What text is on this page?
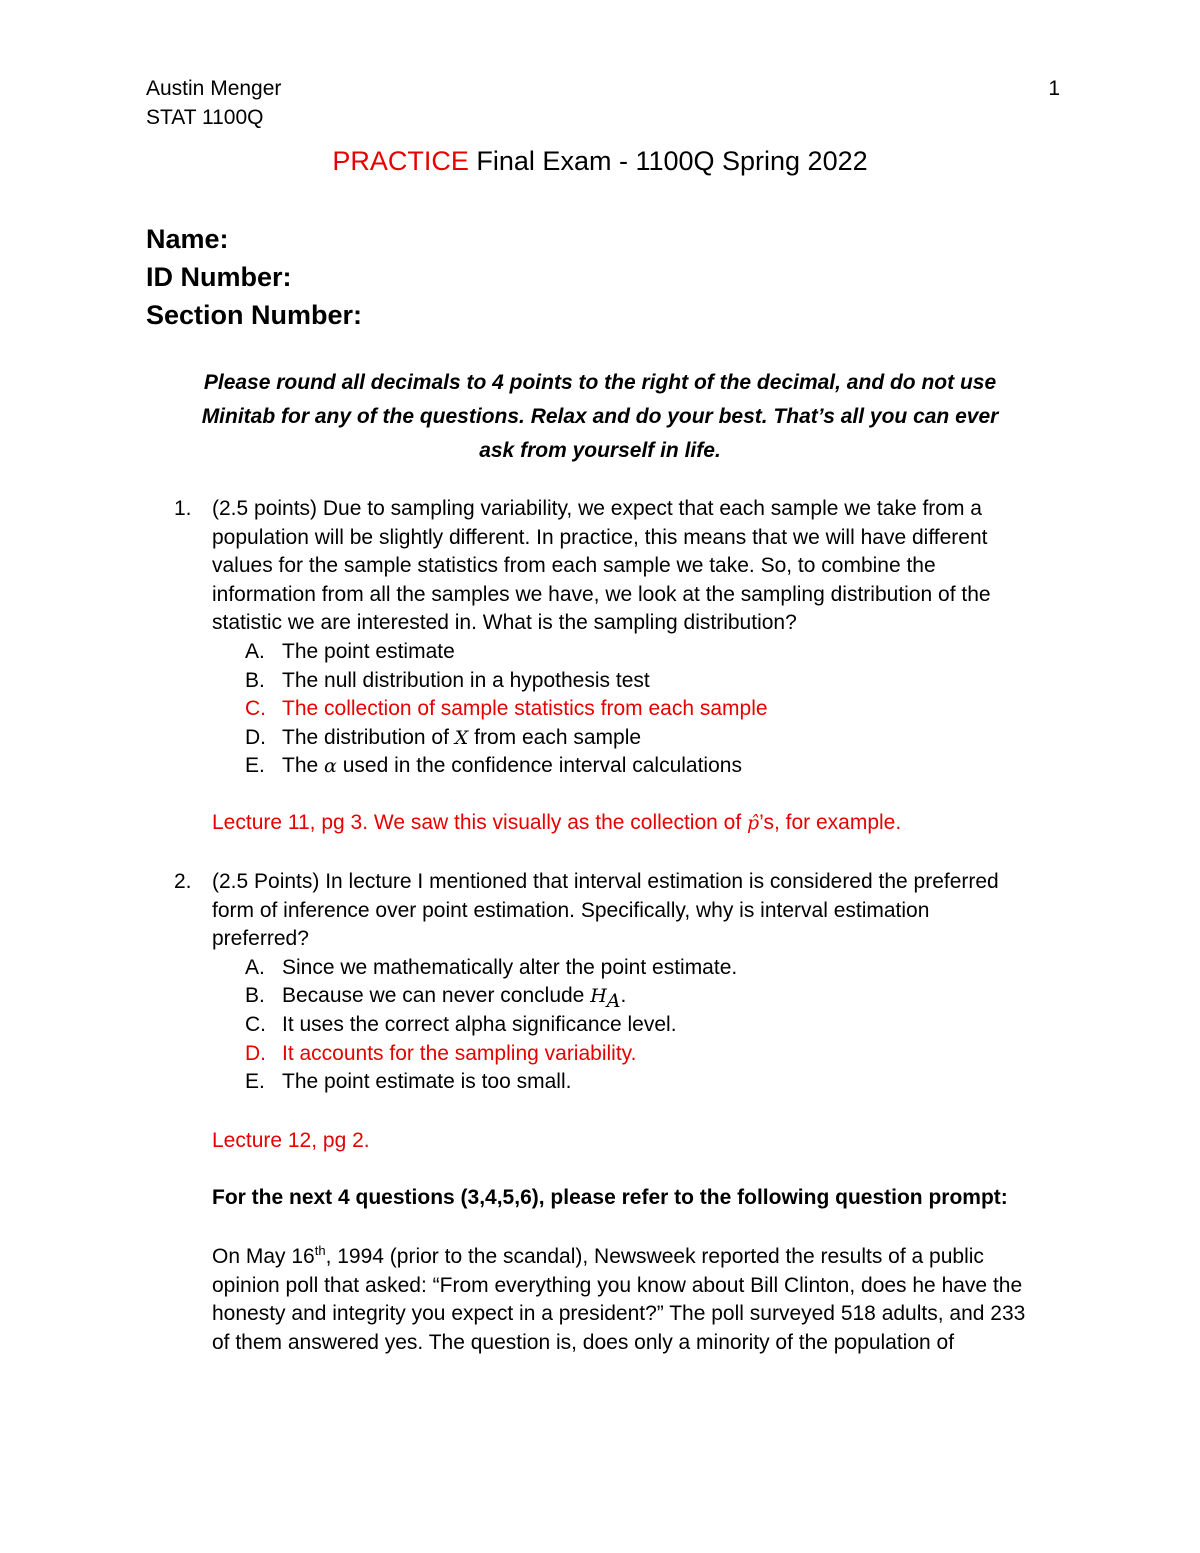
Austin Menger	1
STAT 1100Q
PRACTICE Final Exam - 1100Q Spring 2022
Name:
ID Number:
Section Number:
Please round all decimals to 4 points to the right of the decimal, and do not use
Minitab for any of the questions. Relax and do your best. That’s all you can ever
ask from yourself in life.
1. (2.5 points) Due to sampling variability, we expect that each sample we take from a
population will be slightly different. In practice, this means that we will have different
values for the sample statistics from each sample we take. So, to combine the
information from all the samples we have, we look at the sampling distribution of the
statistic we are interested in. What is the sampling distribution?
A. The point estimate
B. The null distribution in a hypothesis test
C. The collection of sample statistics from each sample
D. The distribution of X from each sample
E. The α used in the confidence interval calculations
Lecture 11, pg 3. We saw this visually as the collection of p̂’s, for example.
2. (2.5 Points) In lecture I mentioned that interval estimation is considered the preferred
form of inference over point estimation. Specifically, why is interval estimation
preferred?
A. Since we mathematically alter the point estimate.
B. Because we can never conclude $H_A$.
C. It uses the correct alpha significance level.
D. It accounts for the sampling variability.
E. The point estimate is too small.
Lecture 12, pg 2.
For the next 4 questions (3,4,5,6), please refer to the following question prompt:
On May 16th, 1994 (prior to the scandal), Newsweek reported the results of a public
opinion poll that asked: “From everything you know about Bill Clinton, does he have the
honesty and integrity you expect in a president?” The poll surveyed 518 adults, and 233
of them answered yes. The question is, does only a minority of the population of
